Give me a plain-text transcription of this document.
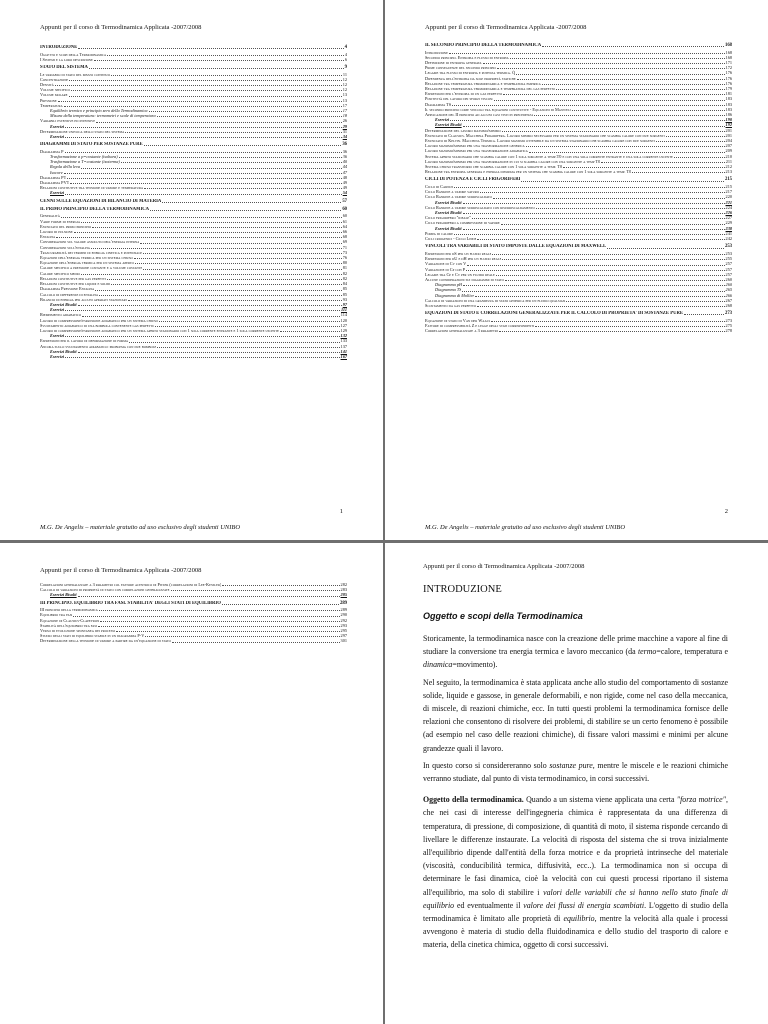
Appunti per il corso di Termodinamica Applicata -2007/2008
INTRODUZIONE	4
Oggetto e scopi della Termodinamica	4
I Sistemi e la loro descrizione	6
STATO DEL SISTEMA	9
Le variabili di stato del mezzo continuo	11
Concentrazione	12
Densità	12
Volume specifico	12
Volume molare	13
Pressione	13
Temperatura	17
Equilibrio termico e principio zero della Termodinamica	17
Misura della temperatura: termometri e scale di temperatura	18
Variabili estensive ed intensive	26
Esercizi	29
Determinazione univoca dello stato del sistema	31
Esercizi	34
DIAGRAMMI DI STATO PER SOSTANZE PURE	36
Diagramma P	36
Trasformazione a p=costante (isobara)	36
Trasformazione a T=costante (isoterma)	40
Regola della leva	44
Isocore	47
Diagramma PT	48
Diagramma PVT	49
Relazioni costitutive tra tensione di vapore e temperatura	49
Esercizi	54
CENNI SULLE EQUAZIONI DI BILANCIO DI MATERIA	57
IL PRIMO PRINCIPIO DELLA TERMODINAMICA	60
Generalità	60
Varie forme di energia	61
Enunciato del primo principio	64
Lavoro di pulsione	66
Entalpia	68
Considerazioni sul valore assoluto dell'energia interna	69
Considerazioni sull'entalpia	71
Trascurabilità dei termini di energia cinetica e potenziale	73
Equazioni dell'energia termica per un sistema chiuso	76
Equazione dell'energia termica per un sistema aperto	80
Calore specifico a pressione costante e a volume costante	81
Calore specifico medio	82
Relazioni costitutive per gas perfetti	82
Relazioni costitutive per liquidi e solidi	84
Diagramma Pressione Entalpia	85
Calcolo di differenze di entalpia	85
Bilancio di energia per alcuni apparati stazionari	93
Esercizi Risolti	97
Esercizi	111
Riempimento adiabatico	114
Lavoro di compressione/espansione adiabatico per un sistema chiuso	120
Svuotamento adiabatico di una bombola contenente gas perfetto	127
Lavoro di compressione/espansione adiabatico per un sistema aperto stazionario con 1 sola corrente entrante e 1 sola corrente uscente	129
Esercizi	132
Espressioni per il lavoro di deformazione di forma	133
Ancora sullo svuotamento adiabatico: problema con due bombole	137
Esercizi Risolti	141
Esercizi	167
1
M.G. De Angelis – materiale gratuito ad uso esclusivo degli studenti UNIBO
Appunti per il corso di Termodinamica Applicata -2007/2008
IL SECONDO PRINCIPIO DELLA TERMODINAMICA	168
Introduzione	168
Secondo principio. Entropia e flusso di entropia	168
Definizione di entropia generata	171
Prime conseguenze del secondo principio	172
Legame tra flusso di entropia e potenza termica. Q̇	176
Dipendenza dell'entropia da sole proprietà statiche	176
Relazione tra temperatura termodinamica e temperatura empirica	176
Relazione tra temperatura termodinamica e temperatura del gas perfetto	179
Espressioni per l'entropia di un gas perfetto	181
Positività del lavoro dei sforzi viscosi	183
Diagramma TS	183
Il secondo principio come vincolo tra equazioni costitutive - Equazioni di Maxwell	183
Applicazione del II principio ad alcuni casi visti in precedenza	186
Esercizi	190
Esercizi Risolti	192
Determinazione del lavoro massimo/minimo	201
Enunciato di Clausius. Macchina Frigorifera. Lavoro minimo necessario per un sistema stazionario che scambia calore con due sorgenti	201
Enunciato di Kelvin. Macchina Termica. Lavoro massimo ottenibile da un sistema stazionario che scambia calore con due sorgenti	204
Lavoro massimo/minimo per una trasformazione generica	207
Lavoro massimo/minimo per una trasformazione adiabatica	209
Sistema aperto stazionario che scambia calore con 1 sola sorgente a temp.T0 e con una sola corrente entrante e una sola corrente uscente	210
Lavoro massimo/minimo per una trasformazione in cui si scambia calore con una sorgente a temp T0	211
Sistema chiuso transitorio che scambia calore con 1 sola sorgente a temp. T0	212
Relazione tra entropia generata e energia dissipata per un sistema che scambia calore con 1 sola sorgente a temp. T0	213
CICLI DI POTENZA E CICLI FRIGORIFERI	215
Ciclo di Carnot	215
Ciclo Rankine a vapore saturo	217
Ciclo Rankine a vapore surriscaldato	220
Esercizi Risolti	221
Ciclo Rankine a vapore surriscaldato con risurriscaldamento	224
Esercizi Risolti	226
Ciclo frigorifero "ideale"	227
Ciclo frigorifero a compressione di vapore	229
Esercizi Risolti	238
Pompa di calore	241
Cicli criogenici - Ciclo Linde	242
VINCOLI TRA VARIABILI DI STATO IMPOSTE DALLE EQUAZIONI DI MAXWELL	253
Espressioni per dS per un fluido reale	253
Espressioni per dU e dH per un fluido reale	255
Variazione di Cv con V	257
Variazione di Cp con P	257
Legame tra Cp e Cv per un fluido reale	257
Alcune considerazioni sui diagrammi di stato	260
Diagramma pH	260
Diagramma TS	265
Diagramma di Mollier	266
Calcolo di variazioni di una grandezza di stato generica per un fluido qualsiasi	267
Scostamento da gas perfetto	268
EQUAZIONI DI STATO E CORRELAZIONI GENERALIZZATE PER IL CALCOLO DI PROPRIETA' DI SOSTANZE PURE	273
Equazione di stato di Van der Waals	273
Fattore di compressibilità Z e legge degli stati corrispondenti	275
Correlazioni generalizzate a 3 parametri	278
2
M.G. De Angelis – materiale gratuito ad uso esclusivo degli studenti UNIBO
Appunti per il corso di Termodinamica Applicata -2007/2008
Correlazioni generalizzate a 3 parametri col fattore acentrico di Pitzer (correlazioni di Lee-Kessler)	282
Calcolo di variazioni di proprietà di stato con correlazioni generalizzate	283
Esercizi Risolti	285
III PRINCIPIO. EQUILIBRIO TRA FASI. STABILITA' DEGLI STATI DI EQUILIBRIO	289
III principio della termodinamica	289
Equilibrio tra fasi	290
Equazione di Clausius-Clapeyron	292
Stabilità dell'equilibrio tra fasi	293
Verso di evoluzione spontanea dei processi	295
Studio degli stati di equilibrio stabile in un diagramma P-V	297
Determinazione della tensione di vapore a partire da un'equazione di stato	301
Appunti per il corso di Termodinamica Applicata -2007/2008
INTRODUZIONE
Oggetto e scopi della Termodinamica

Storicamente, la termodinamica nasce con la creazione delle prime macchine a vapore al fine di studiare la conversione tra energia termica e lavoro meccanico (da termo=calore, temperatura e dinamica=movimento).

Nel seguito, la termodinamica è stata applicata anche allo studio del comportamento di sostanze solide, liquide e gassose, in generale deformabili, e non rigide, come nel caso della meccanica, di miscele, di reazioni chimiche, ecc. In tutti questi problemi la termodinamica fornisce delle relazioni che consentono di risolvere dei problemi, di stabilire se un certo fenomeno è possibile (ad esempio nel caso delle reazioni chimiche), di fissare valori massimi e minimi per alcune grandezze quali il lavoro.

In questo corso si considereranno solo sostanze pure, mentre le miscele e le reazioni chimiche verranno studiate, dal punto di vista termodinamico, in corsi successivi.

Oggetto della termodinamica. Quando a un sistema viene applicata una certa "forza motrice", che nei casi di interesse dell'ingegneria chimica è rappresentata da una differenza di temperatura, di pressione, di composizione, di quantità di moto, il sistema risponde cercando di livellare le differenze instaurate. La velocità di risposta del sistema che si trova inizialmente all'equilibrio dipende dall'entità della forza motrice e da proprietà intrinseche del materiale (viscosità, conducibilità termica, diffusività, ecc..). La termodinamica non si occupa di determinare le fasi dinamica, cioè la velocità con cui questi processi riportano il sistema all'equilibrio, ma solo di stabilire i valori delle variabili che si hanno nello stato finale di equilibrio ed eventualmente il valore dei flussi di energia scambiati. L'oggetto di studio della termodinamica è limitato alle proprietà di equilibrio, mentre la velocità alla quale i processi avvengono è materia di studio della fluidodinamica e dello studio del trasporto di calore e materia, della cinetica chimica, oggetto di corsi successivi.
